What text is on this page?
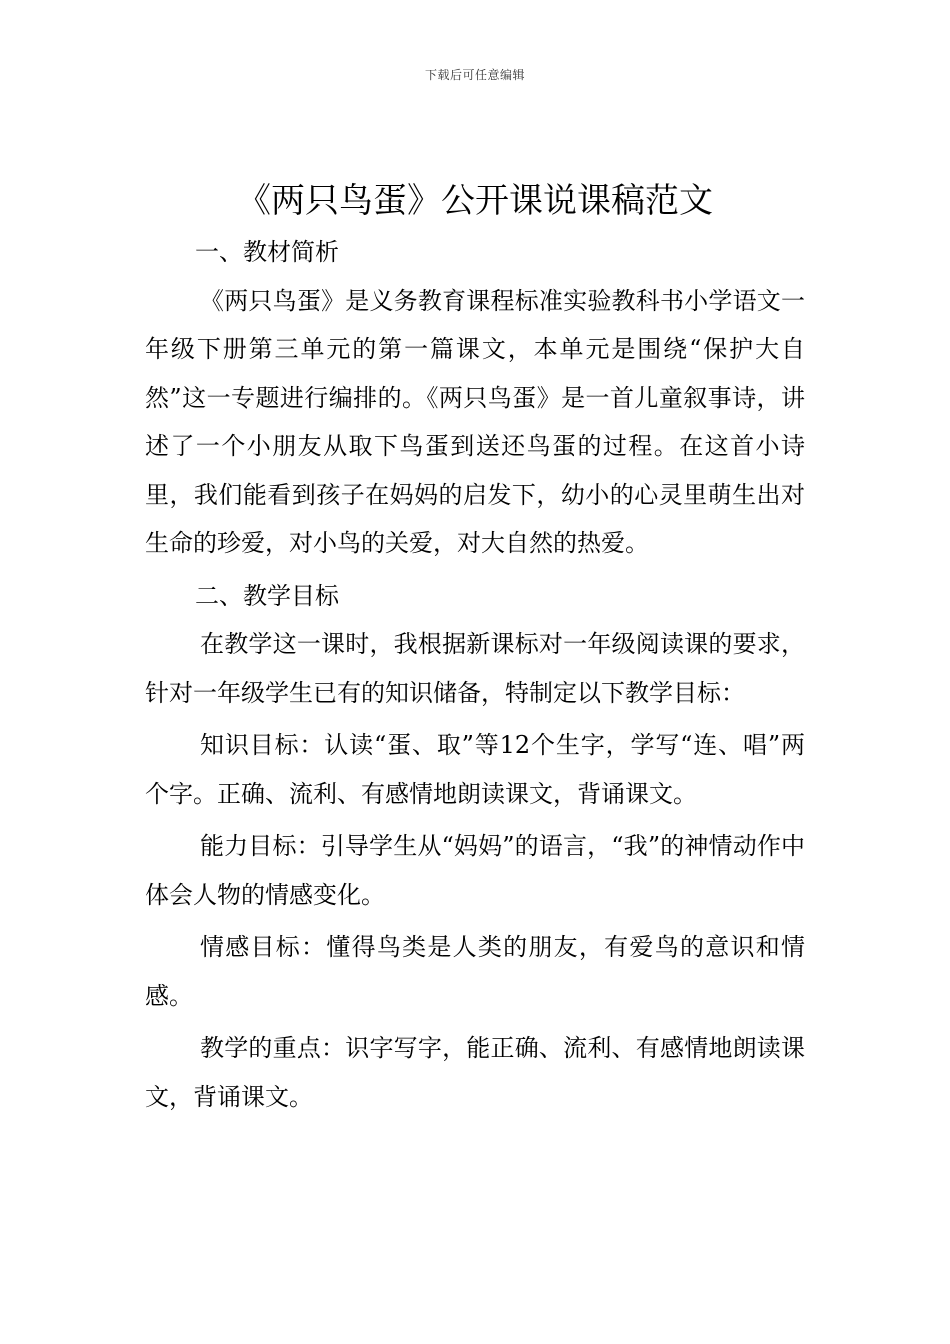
下载后可任意编辑
《两只鸟蛋》公开课说课稿范文

一、教材简析

《两只鸟蛋》是义务教育课程标准实验教科书小学语文一年级下册第三单元的第一篇课文，本单元是围绕“保护大自然”这一专题进行编排的。《两只鸟蛋》是一首儿童叙事诗，讲述了一个小朋友从取下鸟蛋到送还鸟蛋的过程。在这首小诗里，我们能看到孩子在妈妈的启发下，幼小的心灵里萌生出对生命的珍爱，对小鸟的关爱，对大自然的热爱。

二、教学目标

在教学这一课时，我根据新课标对一年级阅读课的要求，针对一年级学生已有的知识储备，特制定以下教学目标：

知识目标：认读“蛋、取”等12个生字，学写“连、唱”两个字。正确、流利、有感情地朗读课文，背诵课文。

能力目标：引导学生从“妈妈”的语言，“我”的神情动作中体会人物的情感变化。

情感目标：懂得鸟类是人类的朋友，有爱鸟的意识和情感。

教学的重点：识字写字，能正确、流利、有感情地朗读课文，背诵课文。
